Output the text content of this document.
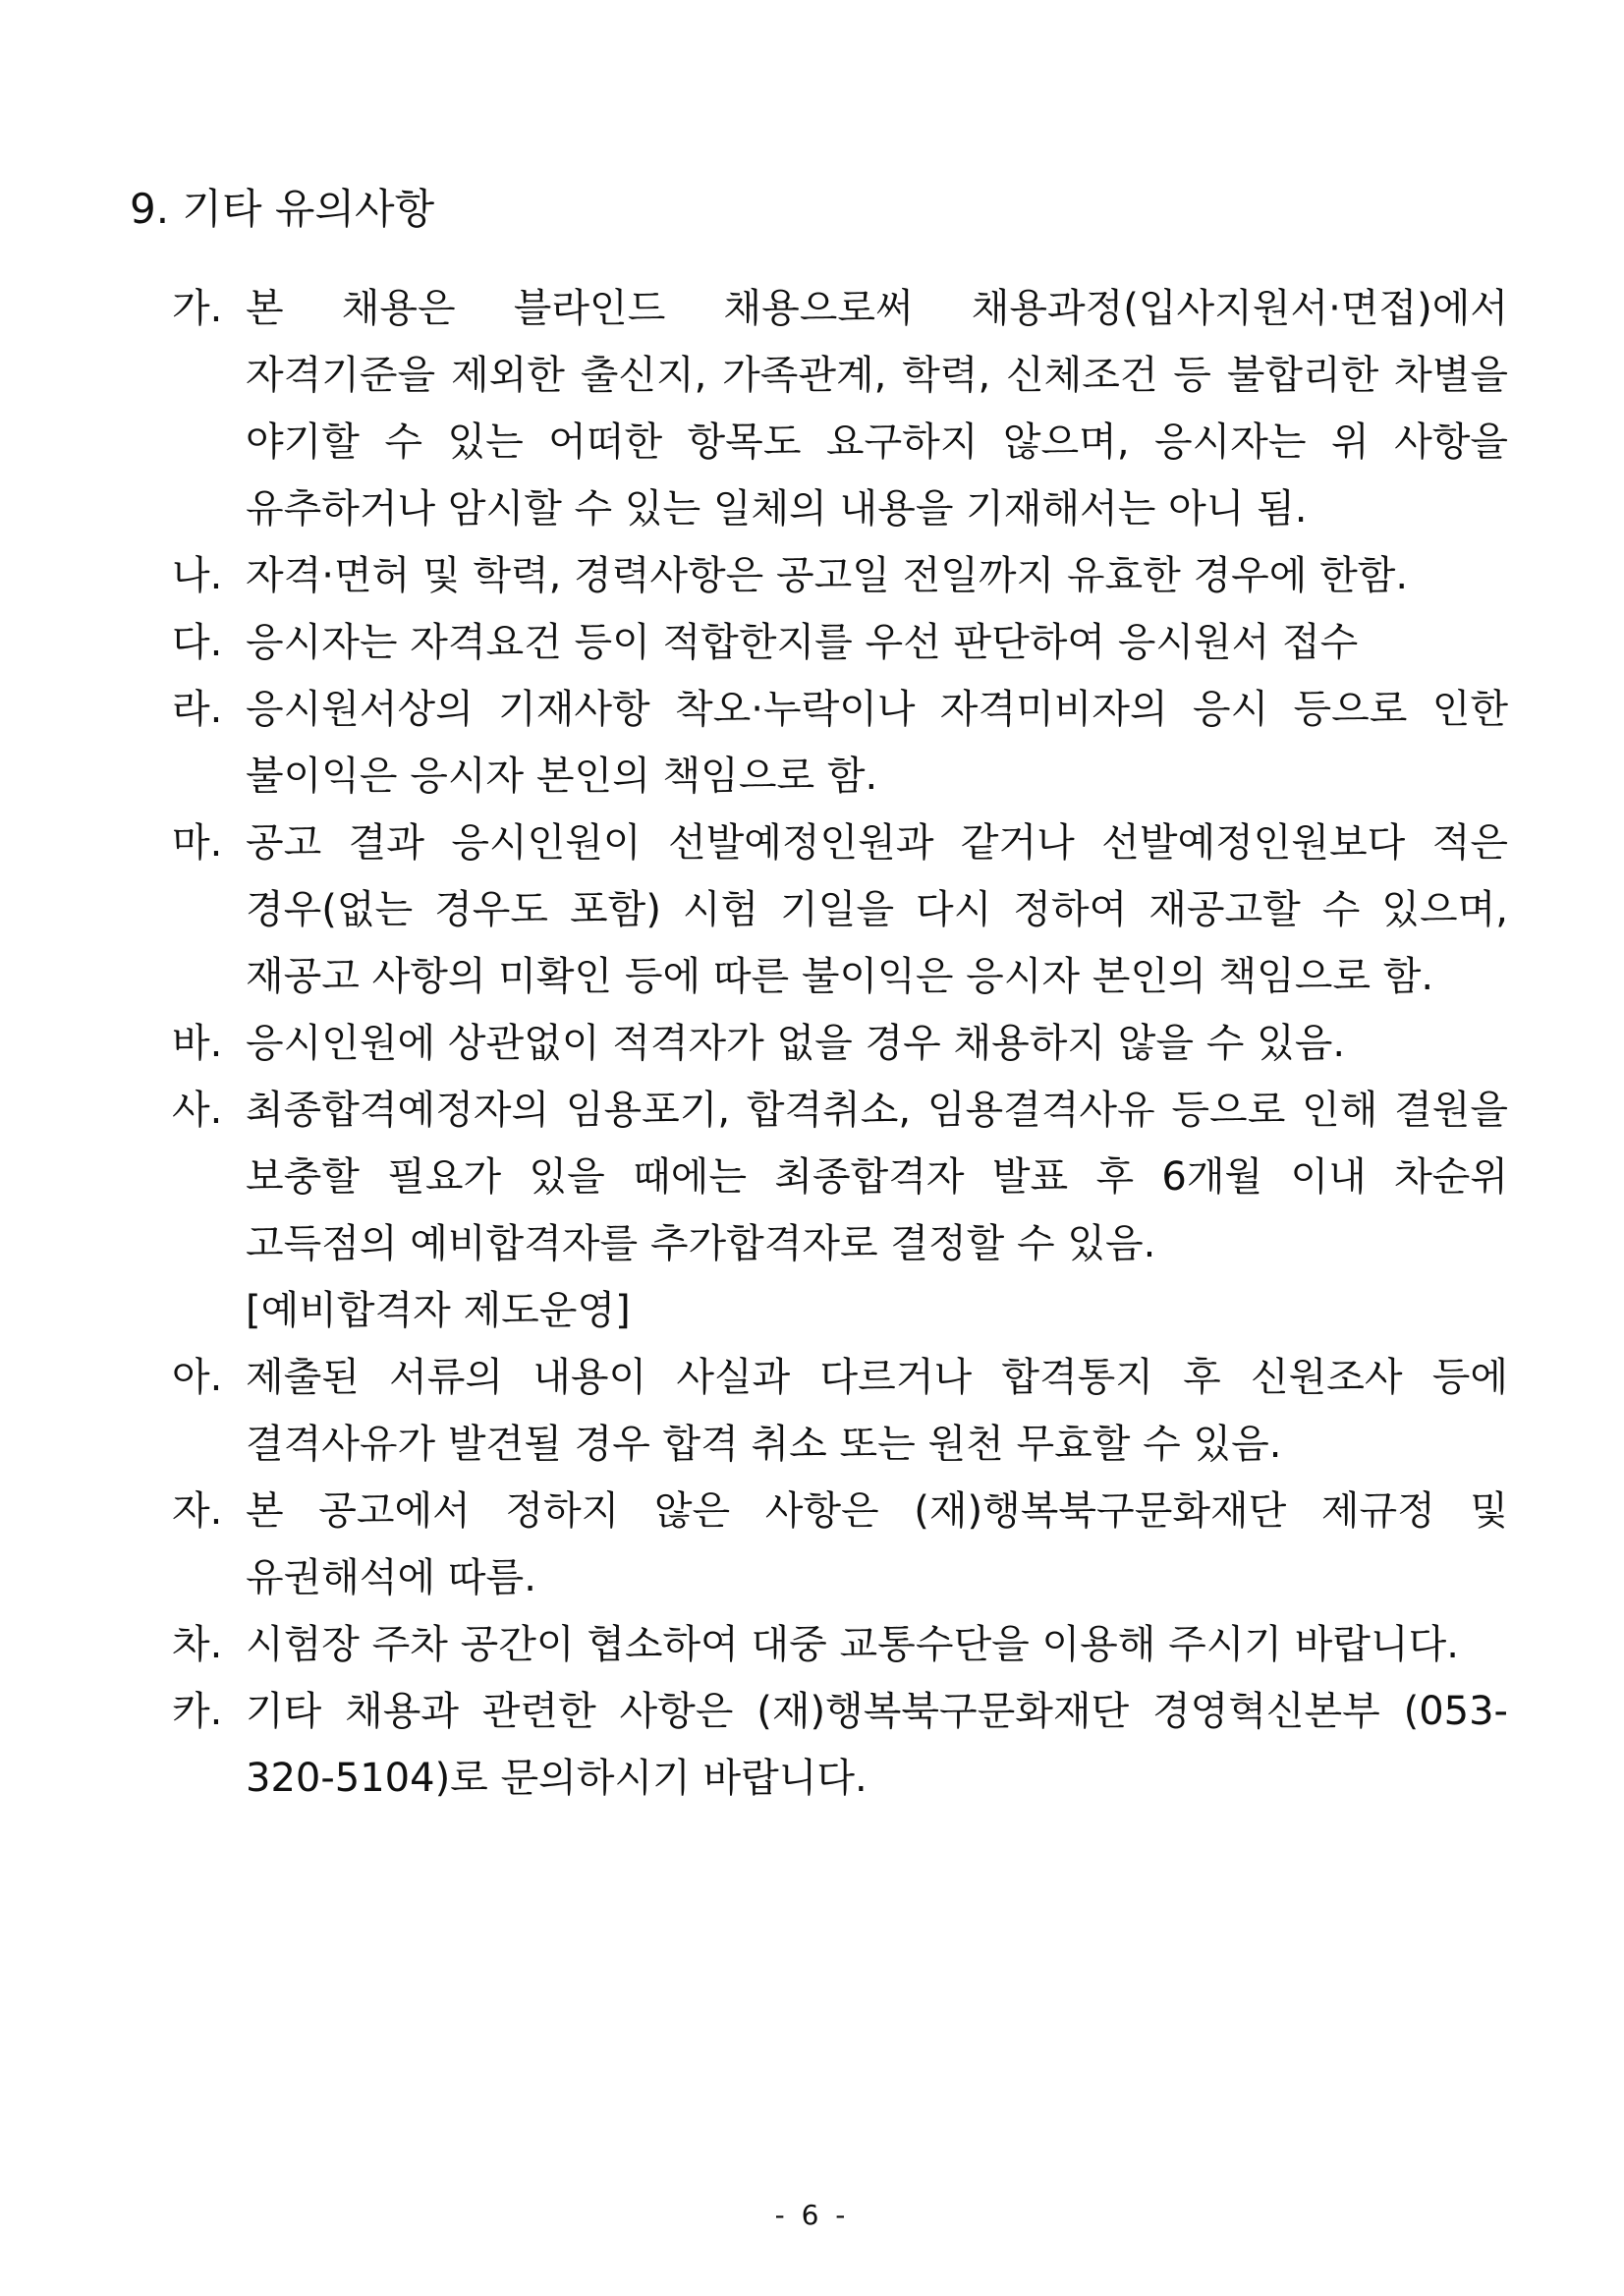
9. 기타 유의사항
가. 본 채용은 블라인드 채용으로써 채용과정(입사지원서·면접)에서 자격기준을 제외한 출신지, 가족관계, 학력, 신체조건 등 불합리한 차별을 야기할 수 있는 어떠한 항목도 요구하지 않으며, 응시자는 위 사항을 유추하거나 암시할 수 있는 일체의 내용을 기재해서는 아니 됨.
나. 자격·면허 및 학력, 경력사항은 공고일 전일까지 유효한 경우에 한함.
다. 응시자는 자격요건 등이 적합한지를 우선 판단하여 응시원서 접수
라. 응시원서상의 기재사항 착오·누락이나 자격미비자의 응시 등으로 인한 불이익은 응시자 본인의 책임으로 함.
마. 공고 결과 응시인원이 선발예정인원과 같거나 선발예정인원보다 적은 경우(없는 경우도 포함) 시험 기일을 다시 정하여 재공고할 수 있으며, 재공고 사항의 미확인 등에 따른 불이익은 응시자 본인의 책임으로 함.
바. 응시인원에 상관없이 적격자가 없을 경우 채용하지 않을 수 있음.
사. 최종합격예정자의 임용포기, 합격취소, 임용결격사유 등으로 인해 결원을 보충할 필요가 있을 때에는 최종합격자 발표 후 6개월 이내 차순위 고득점의 예비합격자를 추가합격자로 결정할 수 있음.
[예비합격자 제도운영]
아. 제출된 서류의 내용이 사실과 다르거나 합격통지 후 신원조사 등에 결격사유가 발견될 경우 합격 취소 또는 원천 무효할 수 있음.
자. 본 공고에서 정하지 않은 사항은 (재)행복북구문화재단 제규정 및 유권해석에 따름.
차. 시험장 주차 공간이 협소하여 대중 교통수단을 이용해 주시기 바랍니다.
카. 기타 채용과 관련한 사항은 (재)행복북구문화재단 경영혁신본부 (053-320-5104)로 문의하시기 바랍니다.
- 6 -
